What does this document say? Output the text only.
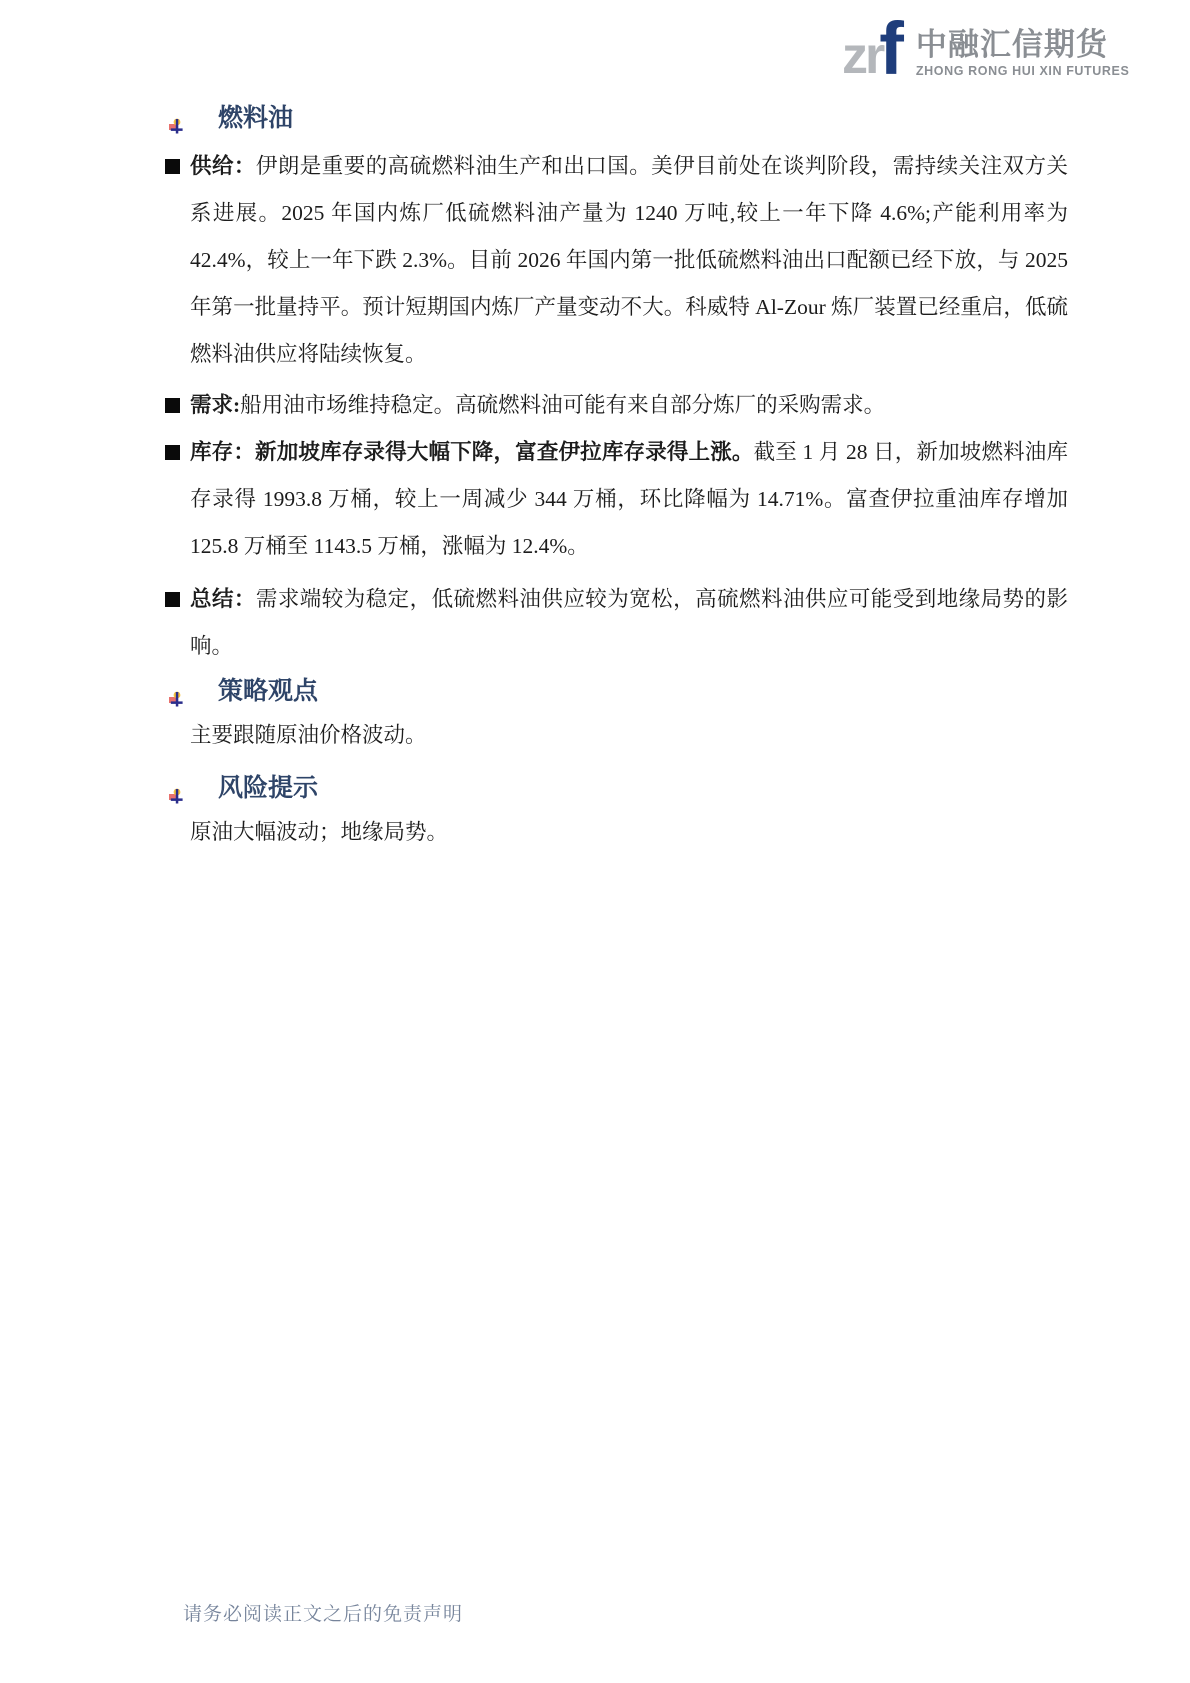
zr
f 中融汇信期货
ZHONG RONG HUI XIN FUTURES
燃料油

供给：伊朗是重要的高硫燃料油生产和出口国。美伊目前处在谈判阶段，需持续关注双方关系进展。2025 年国内炼厂低硫燃料油产量为 1240 万吨,较上一年下降 4.6%;产能利用率为 42.4%，较上一年下跌 2.3%。目前 2026 年国内第一批低硫燃料油出口配额已经下放，与 2025 年第一批量持平。预计短期国内炼厂产量变动不大。科威特 Al-Zour 炼厂装置已经重启，低硫燃料油供应将陆续恢复。

需求:船用油市场维持稳定。高硫燃料油可能有来自部分炼厂的采购需求。

库存：新加坡库存录得大幅下降，富查伊拉库存录得上涨。截至 1 月 28 日，新加坡燃料油库存录得 1993.8 万桶，较上一周减少 344 万桶，环比降幅为 14.71%。富查伊拉重油库存增加 125.8 万桶至 1143.5 万桶，涨幅为 12.4%。

总结：需求端较为稳定，低硫燃料油供应较为宽松，高硫燃料油供应可能受到地缘局势的影响。

策略观点
主要跟随原油价格波动。
风险提示
原油大幅波动；地缘局势。
请务必阅读正文之后的免责声明
